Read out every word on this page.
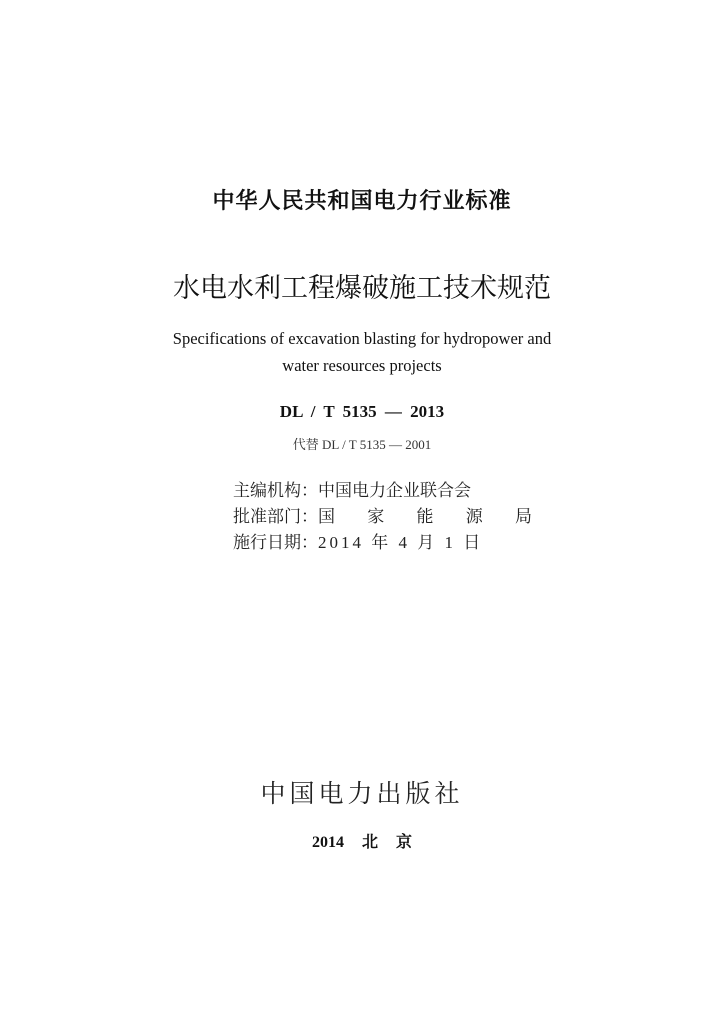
中华人民共和国电力行业标准
水电水利工程爆破施工技术规范
Specifications of excavation blasting for hydropower and
water resources projects
DL / T 5135 — 2013
代替 DL / T 5135 — 2001
主编机构：中国电力企业联合会
批准部门：国 家 能 源 局
施行日期：2014 年 4 月 1 日
中国电力出版社
2014 北 京
